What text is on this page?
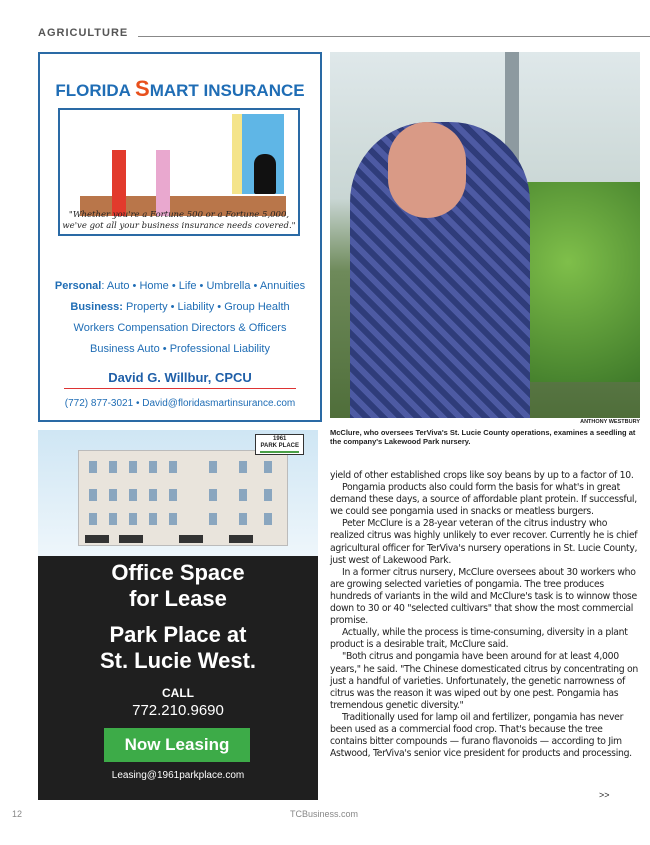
AGRICULTURE
FLORIDA SMART INSURANCE
"Whether you're a Fortune 500 or a Fortune 5,000, we've got all your business insurance needs covered."
Personal: Auto • Home • Life • Umbrella • Annuities
Business: Property • Liability • Group Health
Workers Compensation Directors & Officers
Business Auto • Professional Liability
David G. Willbur, CPCU
(772) 877-3021 • David@floridasmartinsurance.com
1961
PARK PLACE
Office Space
for Lease
Park Place at
St. Lucie West.
CALL
772.210.9690
Now Leasing
Leasing@1961parkplace.com
ANTHONY WESTBURY
McClure, who oversees TerViva's St. Lucie County operations, examines a seedling at the company's Lakewood Park nursery.

yield of other established crops like soy beans by up to a factor of 10.

Pongamia products also could form the basis for what's in great demand these days, a source of affordable plant protein. If successful, we could see pongamia used in snacks or meatless burgers.

Peter McClure is a 28-year veteran of the citrus industry who realized citrus was highly unlikely to ever recover. Currently he is chief agricultural officer for TerViva's nursery operations in St. Lucie County, just west of Lakewood Park.

In a former citrus nursery, McClure oversees about 30 workers who are growing selected varieties of pongamia. The tree produces hundreds of variants in the wild and McClure's task is to winnow those down to 30 or 40 "selected cultivars" that show the most commercial promise.

Actually, while the process is time-consuming, diversity in a plant product is a desirable trait, McClure said.

"Both citrus and pongamia have been around for at least 4,000 years," he said. "The Chinese domesticated citrus by concentrating on just a handful of varieties. Unfortunately, the genetic narrowness of citrus was the reason it was wiped out by one pest. Pongamia has tremendous genetic diversity."

Traditionally used for lamp oil and fertilizer, pongamia has never been used as a commercial food crop. That's because the tree contains bitter compounds — furano flavonoids — according to Jim Astwood, TerViva's senior vice president for products and processing.

>>
12	TCBusiness.com
